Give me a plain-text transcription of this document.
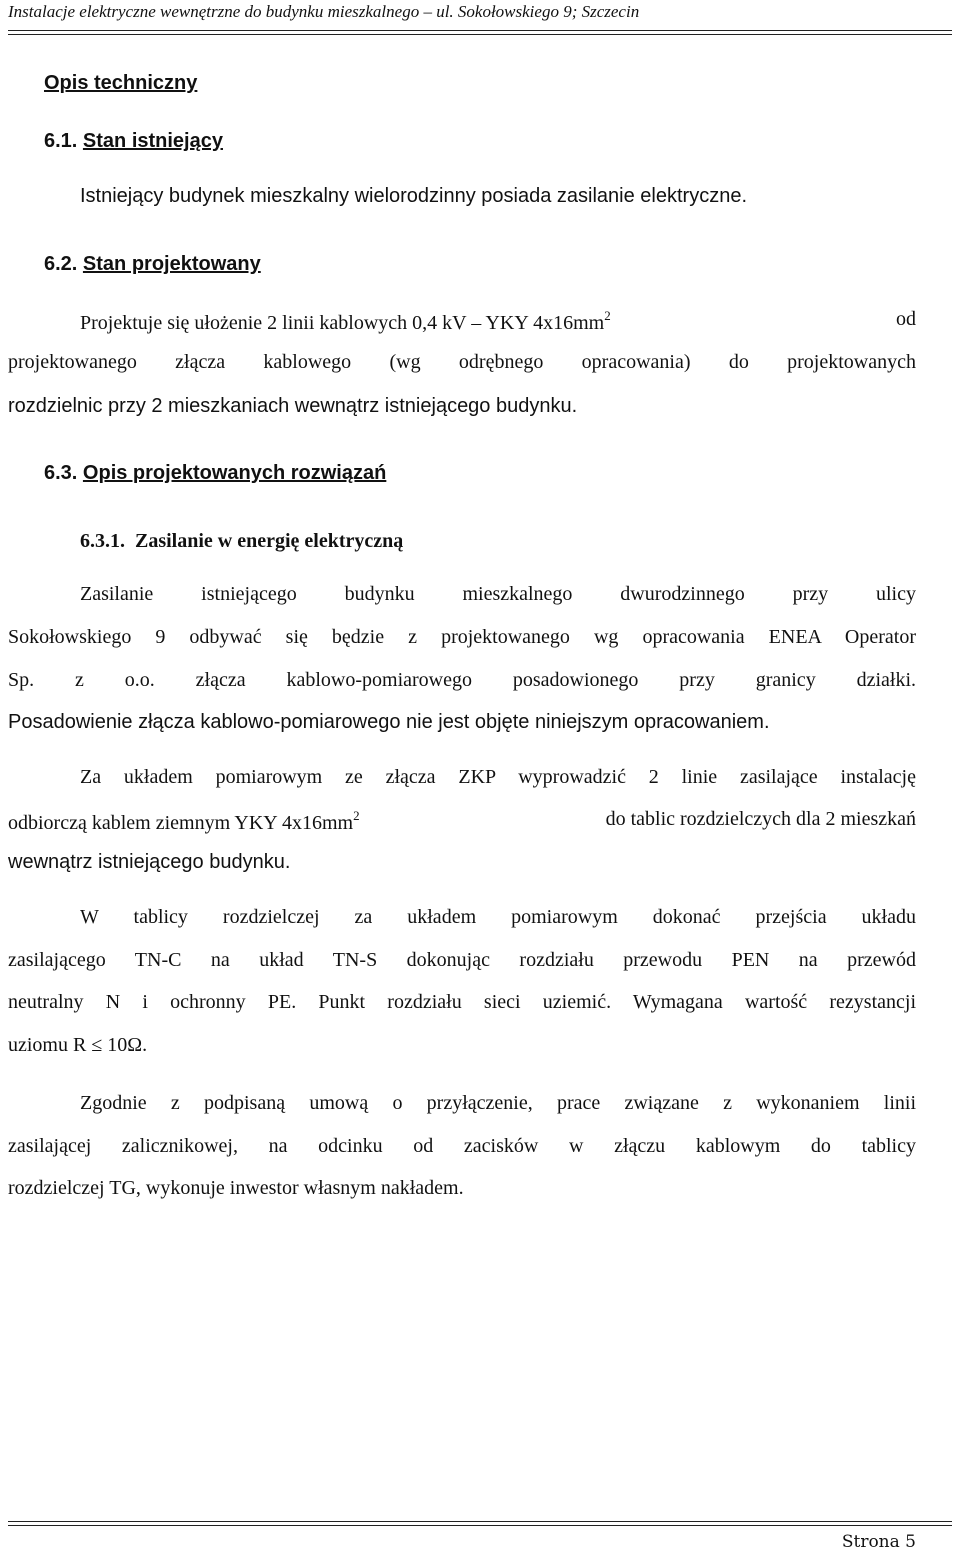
Instalacje elektryczne wewnętrzne do budynku mieszkalnego – ul. Sokołowskiego 9; Szczecin
Opis techniczny
6.1. Stan istniejący
Istniejący budynek mieszkalny wielorodzinny posiada zasilanie elektryczne.
6.2. Stan projektowany
Projektuje się ułożenie 2 linii kablowych 0,4 kV – YKY $4x16mm^2$	od
projektowanego złącza kablowego (wg odrębnego opracowania) do projektowanych
rozdzielnic przy 2 mieszkaniach wewnątrz istniejącego budynku.
6.3. Opis projektowanych rozwiązań
6.3.1. Zasilanie w energię elektryczną
Zasilanie istniejącego budynku mieszkalnego dwurodzinnego przy ulicy
Sokołowskiego 9 odbywać się będzie z projektowanego wg opracowania ENEA Operator
Sp. z o.o. złącza kablowo-pomiarowego posadowionego przy granicy działki.
Posadowienie złącza kablowo-pomiarowego nie jest objęte niniejszym opracowaniem.
Za układem pomiarowym ze złącza ZKP wyprowadzić 2 linie zasilające instalację
odbiorczą kablem ziemnym YKY $4x16mm^2$	do tablic rozdzielczych dla 2 mieszkań
wewnątrz istniejącego budynku.
W tablicy rozdzielczej za układem pomiarowym dokonać przejścia układu
zasilającego TN-C na układ TN-S dokonując rozdziału przewodu PEN na przewód
neutralny N i ochronny PE. Punkt rozdziału sieci uziemić. Wymagana wartość rezystancji
uziomu R ≤ 10Ω.
Zgodnie z podpisaną umową o przyłączenie, prace związane z wykonaniem linii
zasilającej zalicznikowej, na odcinku od zacisków w złączu kablowym do tablicy
rozdzielczej TG, wykonuje inwestor własnym nakładem.
Strona 5
